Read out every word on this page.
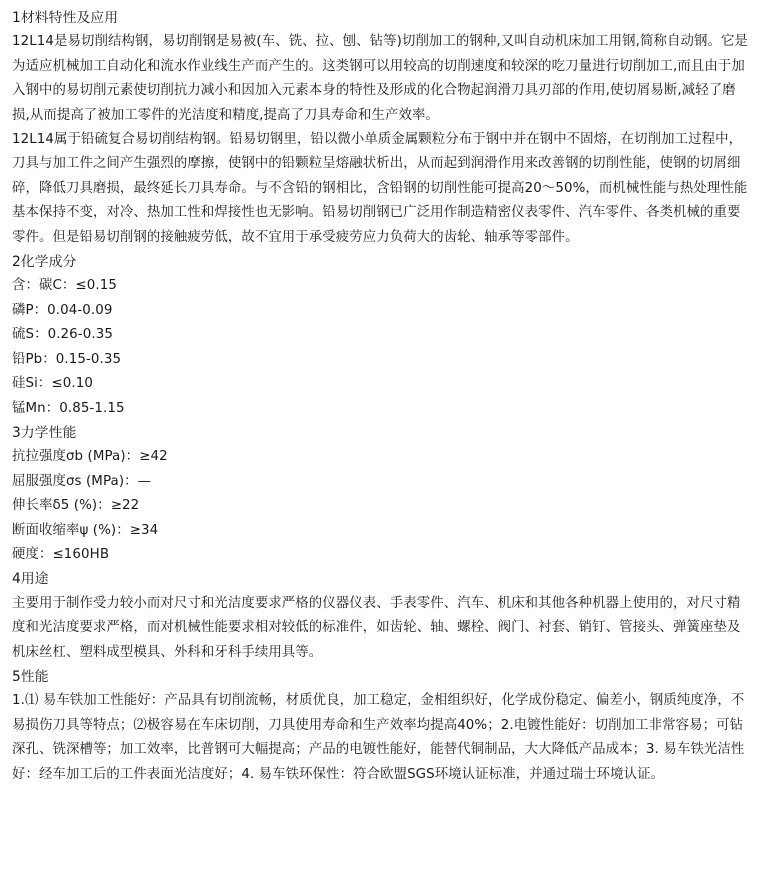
1材料特性及应用
12L14是易切削结构钢，易切削钢是易被(车、铣、拉、刨、钻等)切削加工的钢种,又叫自动机床加工用钢,简称自动钢。它是为适应机械加工自动化和流水作业线生产而产生的。这类钢可以用较高的切削速度和较深的吃刀量进行切削加工,而且由于加入钢中的易切削元素使切削抗力减小和因加入元素本身的特性及形成的化合物起润滑刀具刃部的作用,使切屑易断,减轻了磨损,从而提高了被加工零件的光洁度和精度,提高了刀具寿命和生产效率。
12L14属于铅硫复合易切削结构钢。铅易切钢里，铅以微小单质金属颗粒分布于钢中并在钢中不固熔，在切削加工过程中，刀具与加工件之间产生强烈的摩擦，使钢中的铅颗粒呈熔融状析出，从而起到润滑作用来改善钢的切削性能，使钢的切屑细碎，降低刀具磨损，最终延长刀具寿命。与不含铅的钢相比，含铅钢的切削性能可提高20～50%，而机械性能与热处理性能基本保持不变，对冷、热加工性和焊接性也无影响。铅易切削钢已广泛用作制造精密仪表零件、汽车零件、各类机械的重要零件。但是铅易切削钢的接触疲劳低，故不宜用于承受疲劳应力负荷大的齿轮、轴承等零部件。
2化学成分
含：碳C：≤0.15
磷P：0.04-0.09
硫S：0.26-0.35
铅Pb：0.15-0.35
硅Si：≤0.10
锰Mn：0.85-1.15
3力学性能
抗拉强度σb (MPa)：≥42
屈服强度σs (MPa)：—
伸长率δ5 (%)：≥22
断面收缩率ψ (%)：≥34
硬度：≤160HB
4用途
主要用于制作受力较小而对尺寸和光洁度要求严格的仪器仪表、手表零件、汽车、机床和其他各种机器上使用的，对尺寸精度和光洁度要求严格，而对机械性能要求相对较低的标准件，如齿轮、轴、螺栓、阀门、衬套、销钉、管接头、弹簧座垫及机床丝杠、塑料成型模具、外科和牙科手续用具等。
5性能
1.⑴ 易车铁加工性能好：产品具有切削流畅，材质优良，加工稳定，金相组织好，化学成份稳定、偏差小，钢质纯度净，不易损伤刀具等特点；⑵极容易在车床切削，刀具使用寿命和生产效率均提高40%；2.电镀性能好：切削加工非常容易；可钻深孔、铣深槽等；加工效率，比普钢可大幅提高；产品的电镀性能好，能替代铜制品，大大降低产品成本；3. 易车铁光洁性好：经车加工后的工件表面光洁度好；4. 易车铁环保性：符合欧盟SGS环境认证标准，并通过瑞士环境认证。
